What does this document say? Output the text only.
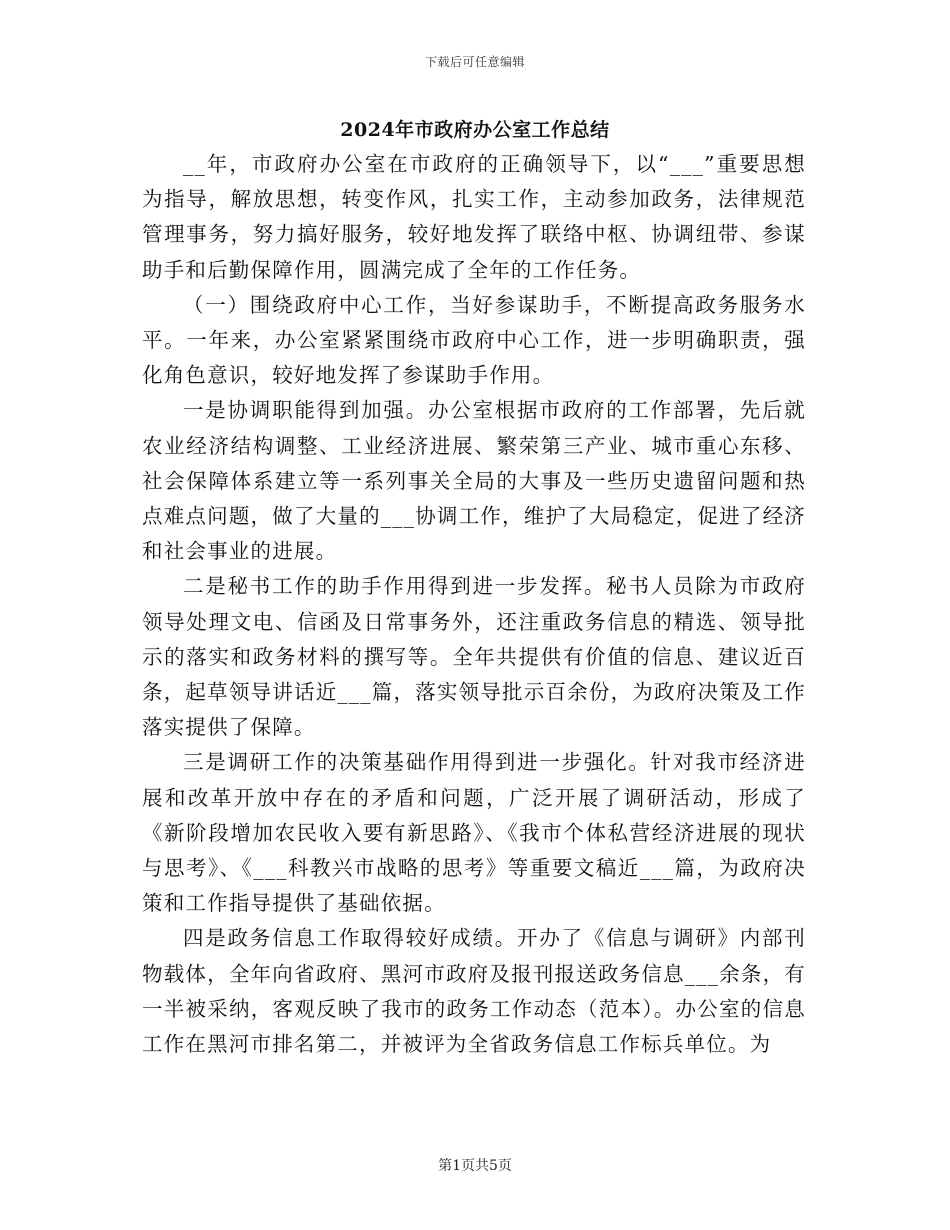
下载后可任意编辑
2024年市政府办公室工作总结

__年，市政府办公室在市政府的正确领导下，以“___”重要思想为指导，解放思想，转变作风，扎实工作，主动参加政务，法律规范管理事务，努力搞好服务，较好地发挥了联络中枢、协调纽带、参谋助手和后勤保障作用，圆满完成了全年的工作任务。

（一）围绕政府中心工作，当好参谋助手，不断提高政务服务水平。一年来，办公室紧紧围绕市政府中心工作，进一步明确职责，强化角色意识，较好地发挥了参谋助手作用。

一是协调职能得到加强。办公室根据市政府的工作部署，先后就农业经济结构调整、工业经济进展、繁荣第三产业、城市重心东移、社会保障体系建立等一系列事关全局的大事及一些历史遗留问题和热点难点问题，做了大量的___协调工作，维护了大局稳定，促进了经济和社会事业的进展。

二是秘书工作的助手作用得到进一步发挥。秘书人员除为市政府领导处理文电、信函及日常事务外，还注重政务信息的精选、领导批示的落实和政务材料的撰写等。全年共提供有价值的信息、建议近百条，起草领导讲话近___篇，落实领导批示百余份，为政府决策及工作落实提供了保障。

三是调研工作的决策基础作用得到进一步强化。针对我市经济进展和改革开放中存在的矛盾和问题，广泛开展了调研活动，形成了《新阶段增加农民收入要有新思路》、《我市个体私营经济进展的现状与思考》、《___科教兴市战略的思考》等重要文稿近___篇，为政府决策和工作指导提供了基础依据。

四是政务信息工作取得较好成绩。开办了《信息与调研》内部刊物载体，全年向省政府、黑河市政府及报刊报送政务信息___余条，有一半被采纳，客观反映了我市的政务工作动态（范本）。办公室的信息工作在黑河市排名第二，并被评为全省政务信息工作标兵单位。为

第1页共5页
